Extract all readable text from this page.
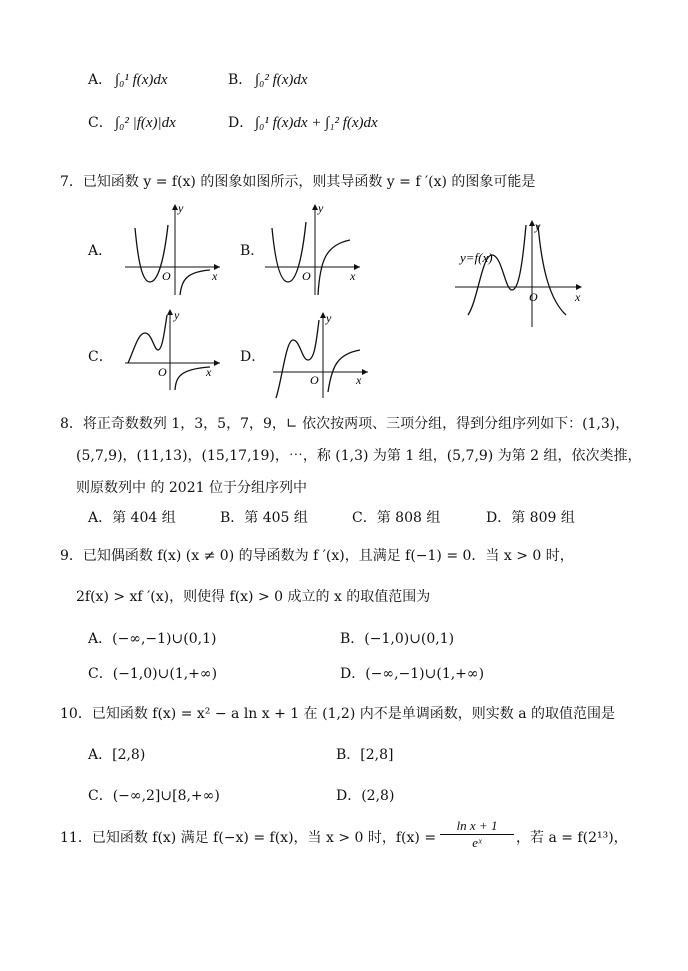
A． ∫₀¹ f(x)dx	B． ∫₀² f(x)dx
C． ∫₀² |f(x)|dx	D． ∫₀¹ f(x)dx + ∫₁² f(x)dx
7．已知函数 y = f(x) 的图象如图所示，则其导函数 y = f ′(x) 的图象可能是
A．	B．
C．	D．
y
x
O
y
x
O
y
x
O
y=f(x)
y
x
O
y
x
O
8．将正奇数数列 1，3，5，7，9，∟ 依次按两项、三项分组，得到分组序列如下：(1,3)，
(5,7,9)，(11,13)，(15,17,19)，⋯，称 (1,3) 为第 1 组，(5,7,9) 为第 2 组，依次类推，
则原数列中 的 2021 位于分组序列中
A．第 404 组	B．第 405 组	C．第 808 组	D．第 809 组
9．已知偶函数 f(x) (x ≠ 0) 的导函数为 f ′(x)，且满足 f(−1) = 0．当 x > 0 时，
2f(x) > xf ′(x)，则使得 f(x) > 0 成立的 x 的取值范围为
A．(−∞,−1)∪(0,1)	B．(−1,0)∪(0,1)
C．(−1,0)∪(1,+∞)	D．(−∞,−1)∪(1,+∞)
10．已知函数 f(x) = x² − a ln x + 1 在 (1,2) 内不是单调函数，则实数 a 的取值范围是
A．[2,8)	B．[2,8]
C．(−∞,2]∪[8,+∞)	D．(2,8)
11．已知函数 f(x) 满足 f(−x) = f(x)，当 x > 0 时，$f(x) = \frac{\text{ln x + 1}}{\text{eˣ}}$ ，若 a = f(2¹³)，
